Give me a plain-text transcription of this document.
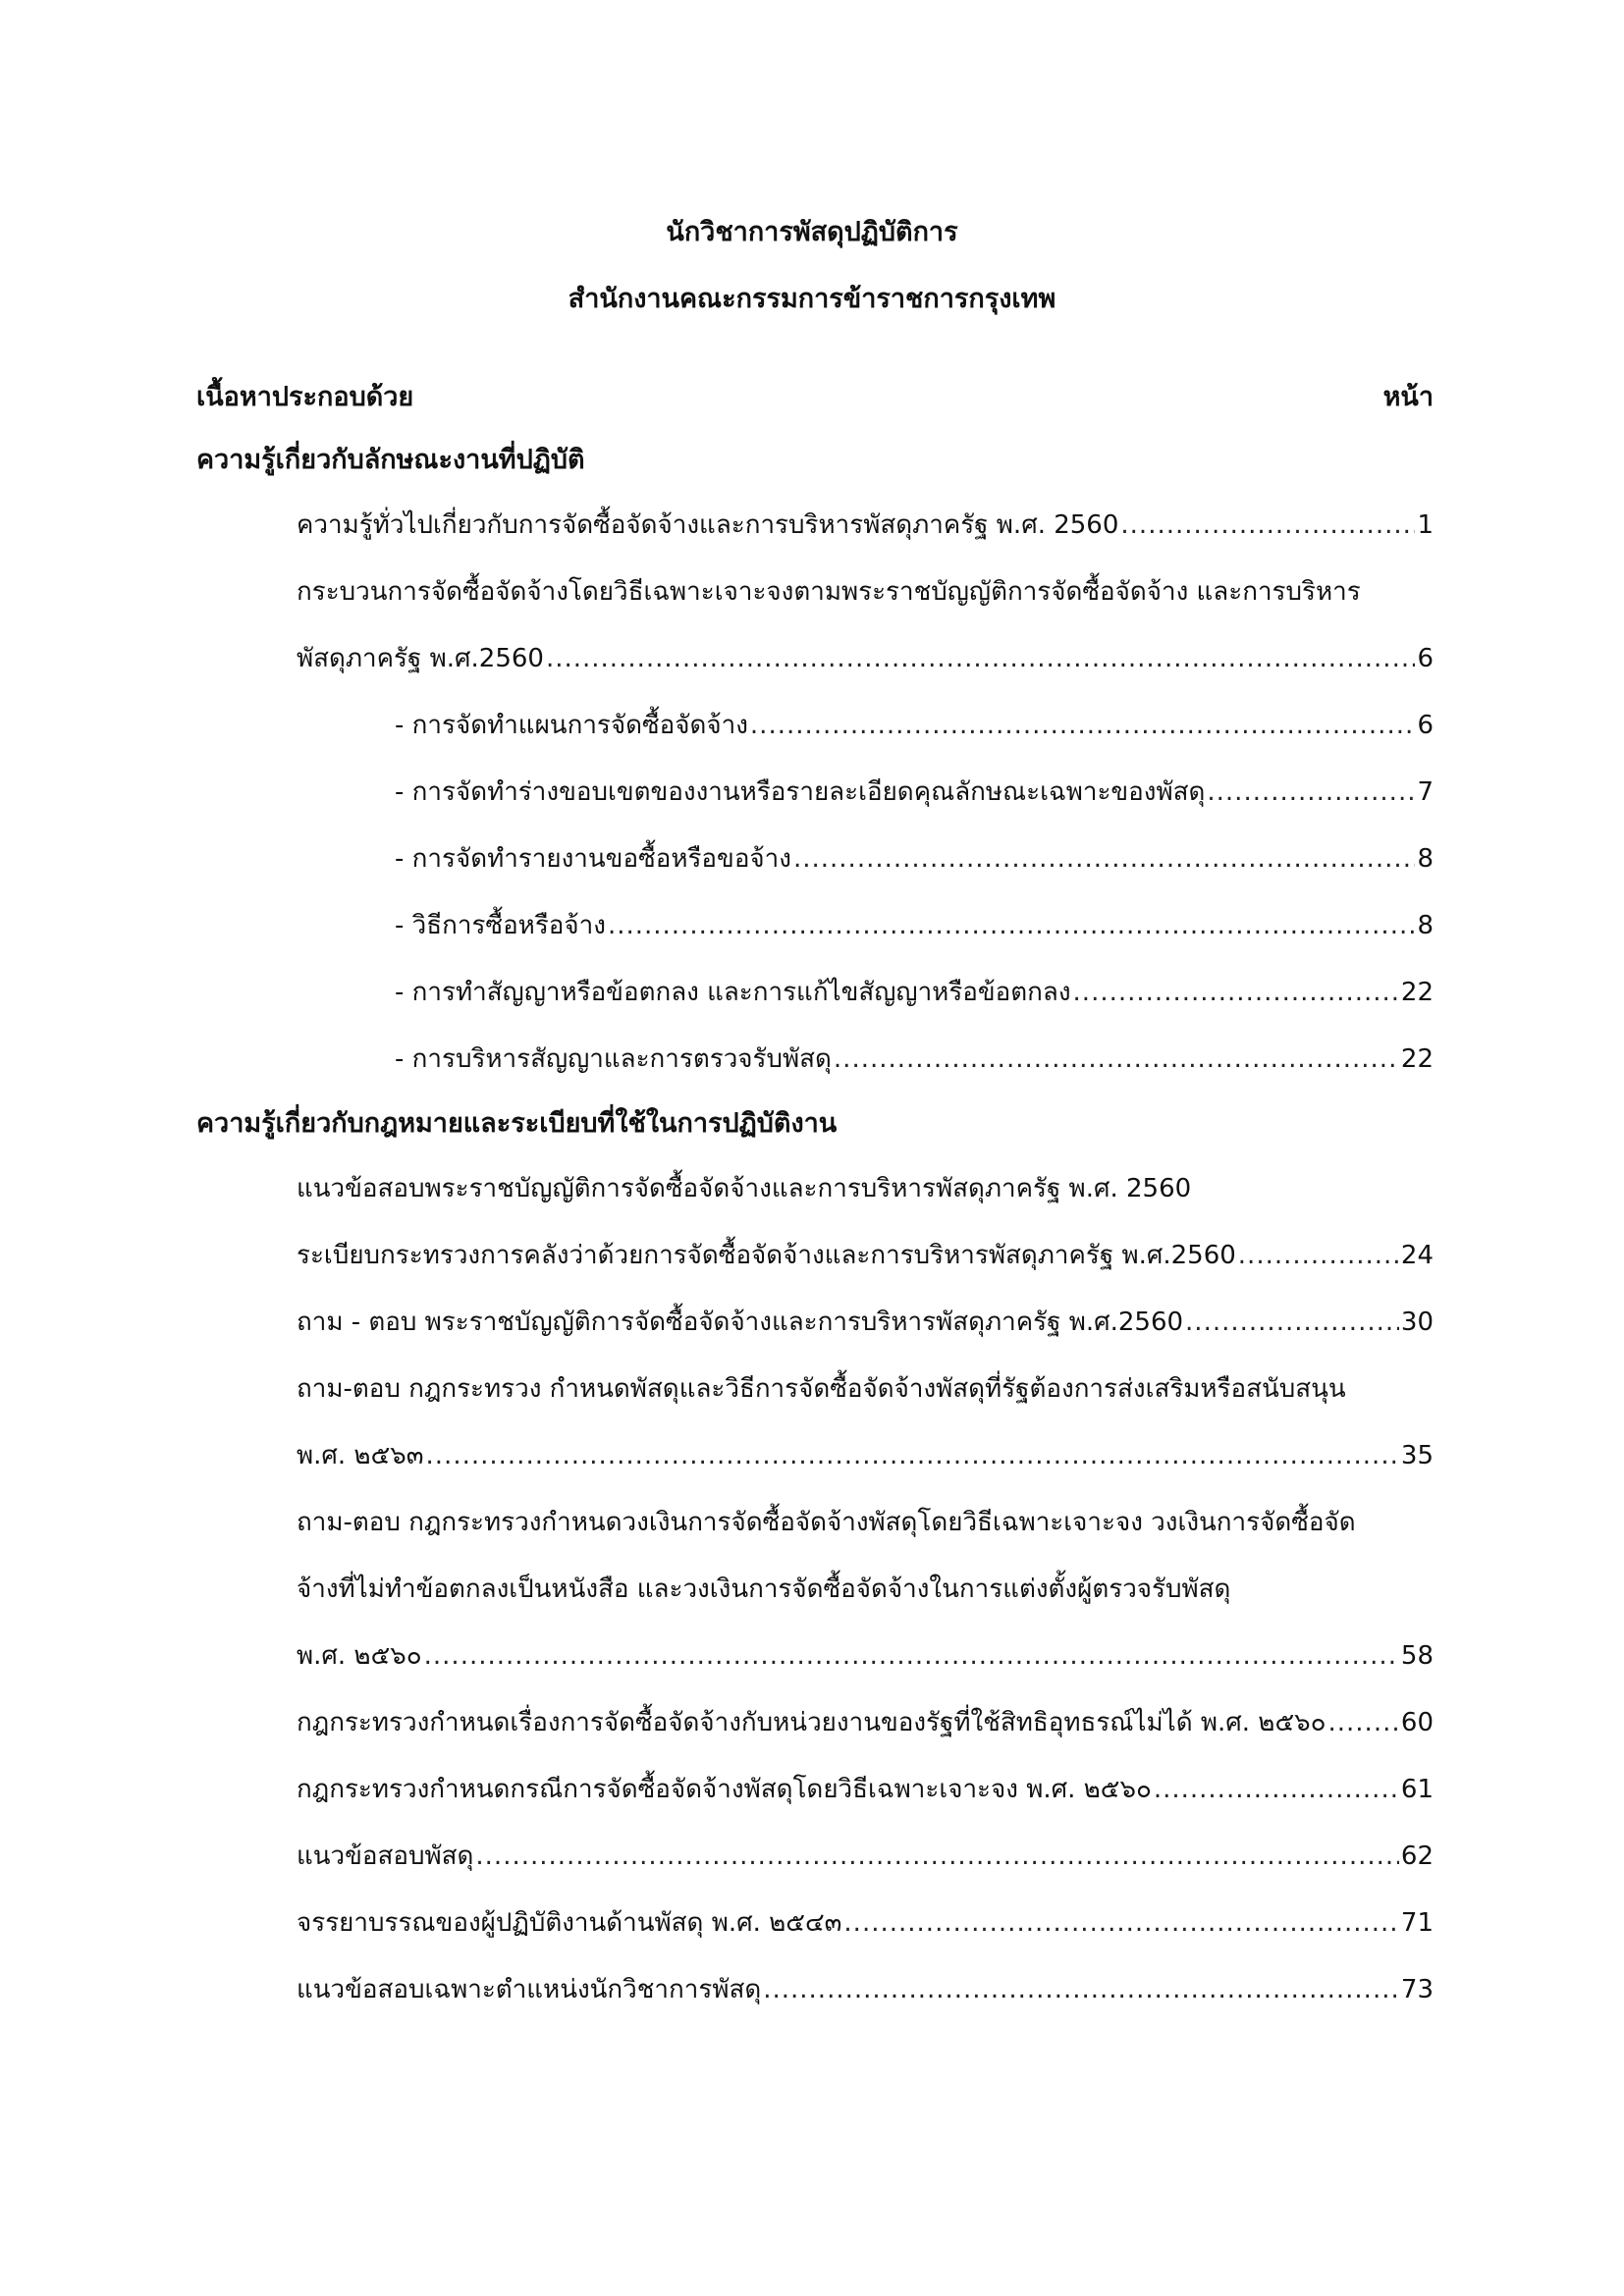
นักวิชาการพัสดุปฏิบัติการ
สำนักงานคณะกรรมการข้าราชการกรุงเทพ
เนื้อหาประกอบด้วย	หน้า
ความรู้เกี่ยวกับลักษณะงานที่ปฏิบัติ
ความรู้ทั่วไปเกี่ยวกับการจัดซื้อจัดจ้างและการบริหารพัสดุภาครัฐ พ.ศ. 2560 .....	1
กระบวนการจัดซื้อจัดจ้างโดยวิธีเฉพาะเจาะจงตามพระราชบัญญัติการจัดซื้อจัดจ้าง และการบริหาร
พัสดุภาครัฐ พ.ศ.2560 .....	6
- การจัดทำแผนการจัดซื้อจัดจ้าง .....	6
- การจัดทำร่างขอบเขตของงานหรือรายละเอียดคุณลักษณะเฉพาะของพัสดุ .....	7
- การจัดทำรายงานขอซื้อหรือขอจ้าง .....	8
- วิธีการซื้อหรือจ้าง .....	8
- การทำสัญญาหรือข้อตกลง และการแก้ไขสัญญาหรือข้อตกลง .....	22
- การบริหารสัญญาและการตรวจรับพัสดุ .....	22
ความรู้เกี่ยวกับกฎหมายและระเบียบที่ใช้ในการปฏิบัติงาน
แนวข้อสอบพระราชบัญญัติการจัดซื้อจัดจ้างและการบริหารพัสดุภาครัฐ พ.ศ. 2560
ระเบียบกระทรวงการคลังว่าด้วยการจัดซื้อจัดจ้างและการบริหารพัสดุภาครัฐ พ.ศ.2560 .....	24
ถาม - ตอบ พระราชบัญญัติการจัดซื้อจัดจ้างและการบริหารพัสดุภาครัฐ พ.ศ.2560 .....	30
ถาม-ตอบ กฎกระทรวง กำหนดพัสดุและวิธีการจัดซื้อจัดจ้างพัสดุที่รัฐต้องการส่งเสริมหรือสนับสนุน
พ.ศ. ๒๕๖๓ .....	35
ถาม-ตอบ กฎกระทรวงกำหนดวงเงินการจัดซื้อจัดจ้างพัสดุโดยวิธีเฉพาะเจาะจง วงเงินการจัดซื้อจัด
จ้างที่ไม่ทำข้อตกลงเป็นหนังสือ และวงเงินการจัดซื้อจัดจ้างในการแต่งตั้งผู้ตรวจรับพัสดุ
พ.ศ. ๒๕๖๐ .....	58
กฎกระทรวงกำหนดเรื่องการจัดซื้อจัดจ้างกับหน่วยงานของรัฐที่ใช้สิทธิอุทธรณ์ไม่ได้ พ.ศ. ๒๕๖๐ .....	60
กฎกระทรวงกำหนดกรณีการจัดซื้อจัดจ้างพัสดุโดยวิธีเฉพาะเจาะจง พ.ศ. ๒๕๖๐ .....	61
แนวข้อสอบพัสดุ .....	62
จรรยาบรรณของผู้ปฏิบัติงานด้านพัสดุ พ.ศ. ๒๕๔๓ .....	71
แนวข้อสอบเฉพาะตำแหน่งนักวิชาการพัสดุ .....	73
